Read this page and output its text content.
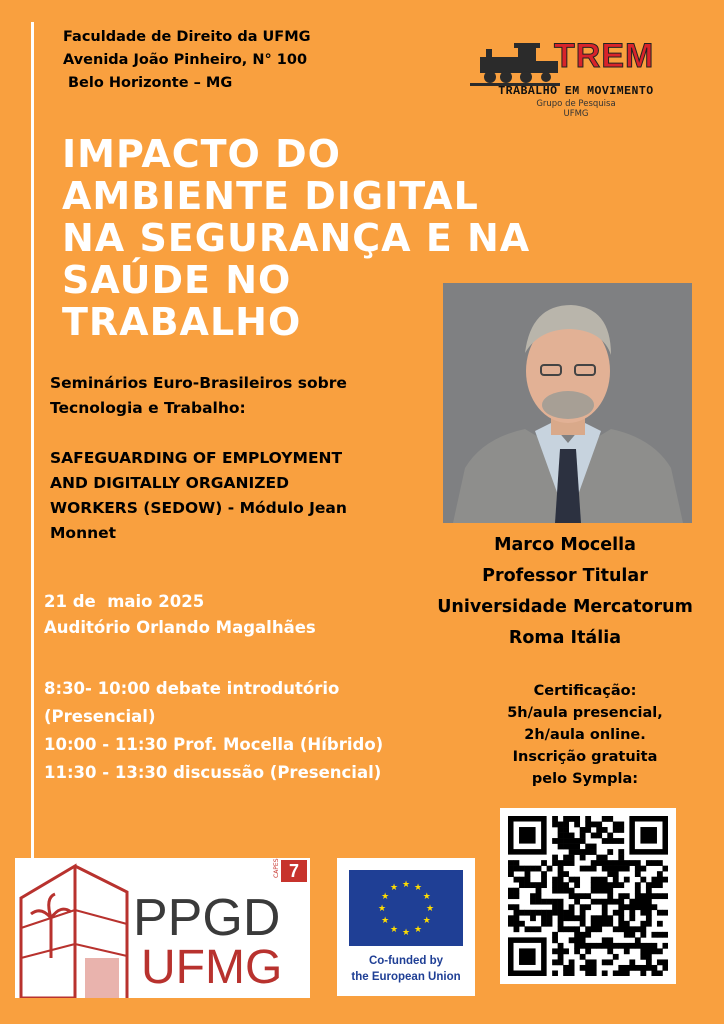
Faculdade de Direito da UFMG
Avenida João Pinheiro, N° 100
Belo Horizonte – MG
TREM
TRABALHO EM MOVIMENTO
Grupo de Pesquisa
UFMG
IMPACTO DO
AMBIENTE DIGITAL
NA SEGURANÇA E NA
SAÚDE NO
TRABALHO
Marco Mocella
Professor Titular
Universidade Mercatorum
Roma Itália
Seminários Euro-Brasileiros sobre
Tecnologia e Trabalho:
SAFEGUARDING OF EMPLOYMENT
AND DIGITALLY ORGANIZED
WORKERS (SEDOW) - Módulo Jean
Monnet
21 de  maio 2025
Auditório Orlando Magalhães
8:30- 10:00 debate introdutório
(Presencial)
10:00 - 11:30 Prof. Mocella (Híbrido)
11:30 - 13:30 discussão (Presencial)
Certificação:
5h/aula presencial,
2h/aula online.
Inscrição gratuita
pelo Sympla:
7
CAPES
PPGD
UFMG
★ ★
★
★
★
★
★
★
★
★
★
★
Co-funded by
the European Union
